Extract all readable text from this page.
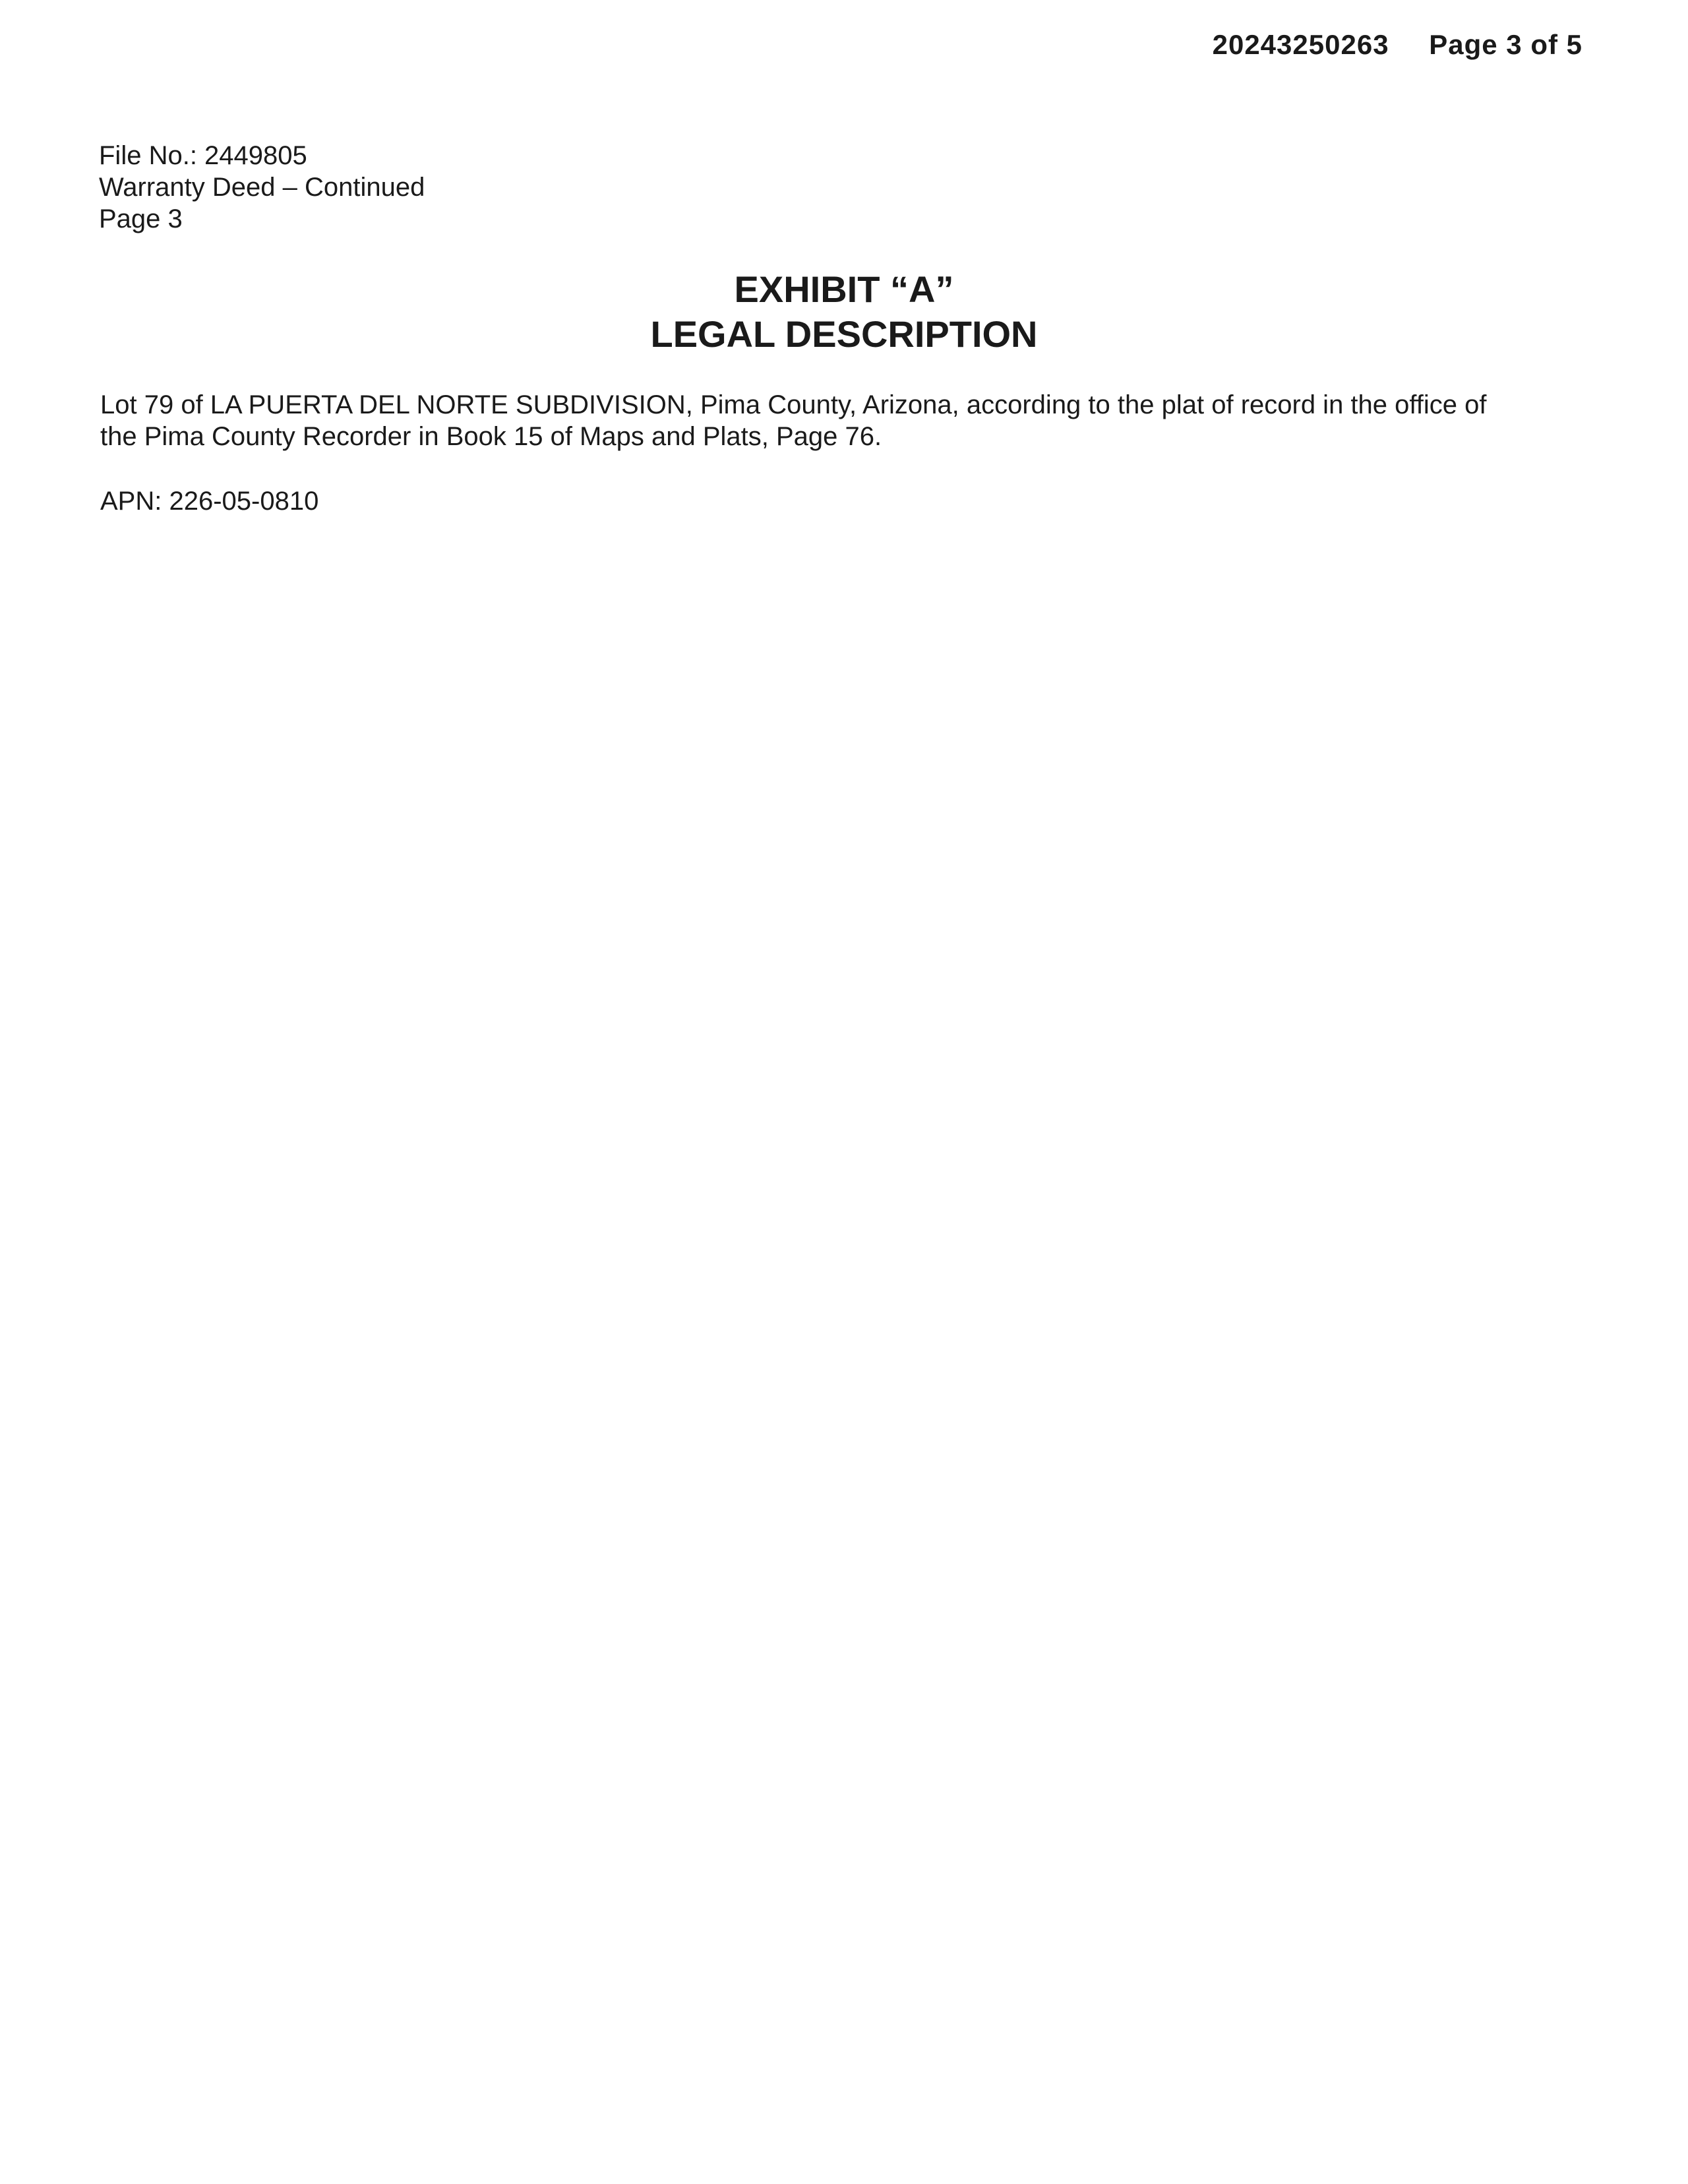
20243250263 Page 3 of 5
File No.: 2449805
Warranty Deed – Continued
Page 3
EXHIBIT “A”
LEGAL DESCRIPTION
Lot 79 of LA PUERTA DEL NORTE SUBDIVISION, Pima County, Arizona, according to the plat of record in the office of
the Pima County Recorder in Book 15 of Maps and Plats, Page 76.
APN: 226-05-0810
